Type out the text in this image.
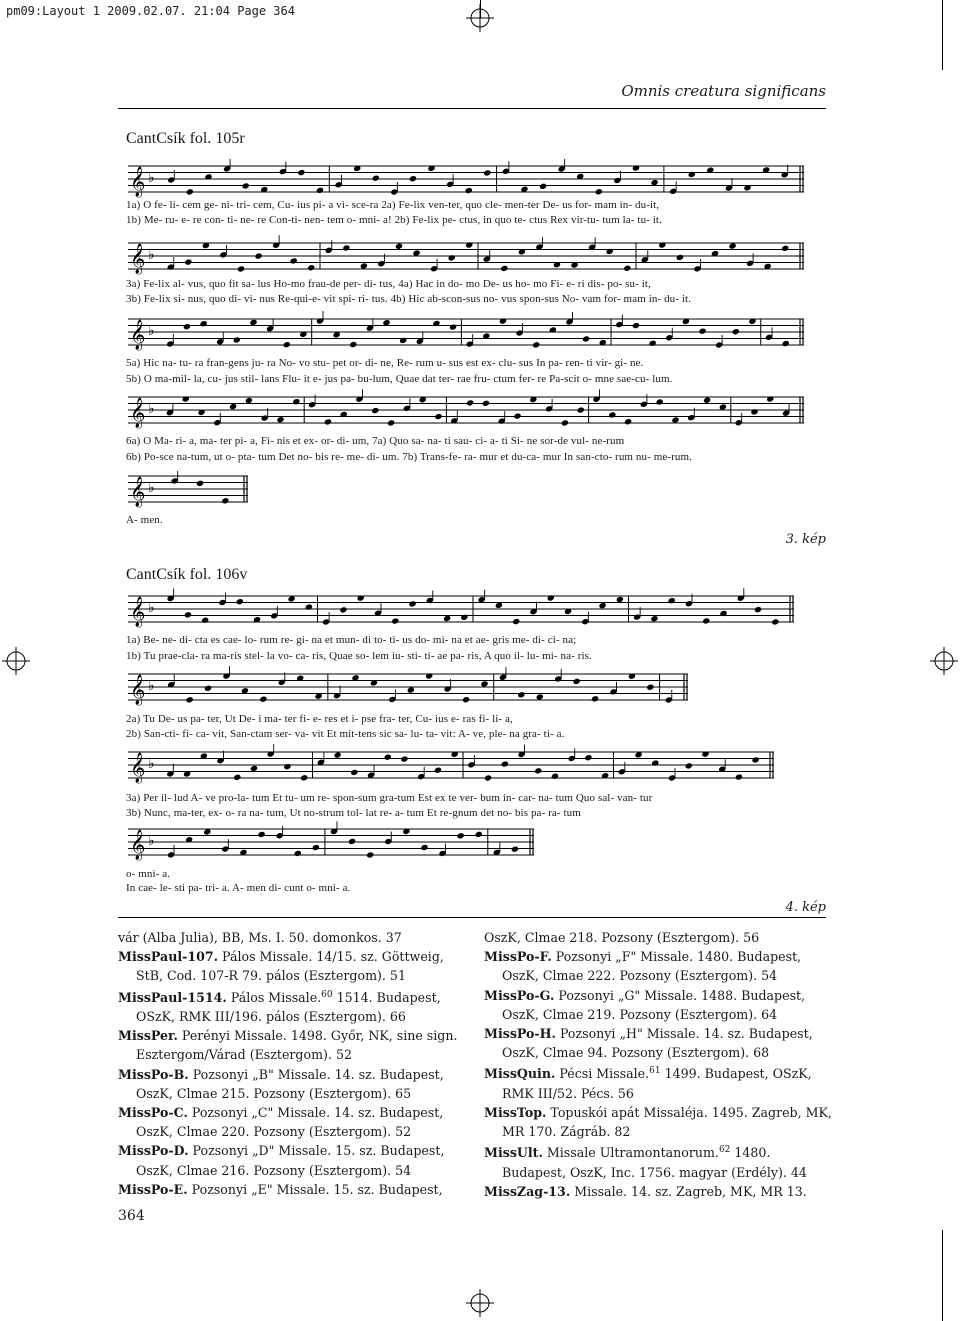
pm09:Layout 1 2009.02.07. 21:04 Page 364
Omnis creatura significans
CantCsík fol. 105r
𝄞 ♭
1a) O fe- li- cem ge- ni- tri- cem, Cu- ius pi- a vi- sce-ra 2a) Fe-lix ven-ter, quo cle- men-ter De- us for- mam in- du-it,
1b) Me- ru- e- re con- ti- ne- re Con-ti- nen- tem o- mni- a! 2b) Fe-lix pe- ctus, in quo te- ctus Rex vir-tu- tum la- tu- it.
𝄞 ♭
3a) Fe-lix al- vus, quo fit sa- lus Ho-mo frau-de per- di- tus, 4a) Hac in do- mo De- us ho- mo Fi- e- ri dis- po- su- it,
3b) Fe-lix si- nus, quo di- vi- nus Re-qui-e- vit spi- ri- tus. 4b) Hic ab-scon-sus no- vus spon-sus No- vam for- mam in- du- it.
𝄞 ♭
5a) Hic na- tu- ra fran-gens ju- ra No- vo stu- pet or- di- ne, Re- rum u- sus est ex- clu- sus In pa- ren- ti vir- gi- ne.
5b) O ma-mil- la, cu- jus stil- lans Flu- it e- jus pa- bu-lum, Quae dat ter- rae fru- ctum fer- re Pa-scit o- mne sae-cu- lum.
𝄞 ♭
6a) O Ma- ri- a, ma- ter pi- a, Fi- nis et ex- or- di- um, 7a) Quo sa- na- ti sau- ci- a- ti Si- ne sor-de vul- ne-rum
6b) Po-sce na-tum, ut o- pta- tum Det no- bis re- me- di- um. 7b) Trans-fe- ra- mur et du-ca- mur In san-cto- rum nu- me-rum.
𝄞 ♭
A- men.
3. kép
CantCsík fol. 106v
𝄞 ♭
1a) Be- ne- di- cta es cae- lo- rum re- gi- na et mun- di to- ti- us do- mi- na et ae- gris me- di- ci- na;
1b) Tu prae-cla- ra ma-ris stel- la vo- ca- ris, Quae so- lem iu- sti- ti- ae pa- ris, A quo il- lu- mi- na- ris.
𝄞 ♭
2a) Tu De- us pa- ter, Ut De- i ma- ter fi- e- res et i- pse fra- ter, Cu- ius e- ras fi- li- a,
2b) San-cti- fi- ca- vit, San-ctam ser- va- vit Et mit-tens sic sa- lu- ta- vit: A- ve, ple- na gra- ti- a.
𝄞 ♭
3a) Per il- lud A- ve pro-la- tum Et tu- um re- spon-sum gra-tum Est ex te ver- bum in- car- na- tum Quo sal- van- tur
3b) Nunc, ma-ter, ex- o- ra na- tum, Ut no-strum tol- lat re- a- tum Et re-gnum det no- bis pa- ra- tum
𝄞 ♭
o- mni- a.
In cae- le- sti pa- tri- a. A- men di- cunt o- mni- a.
4. kép

vár (Alba Julia), BB, Ms. I. 50. domonkos. 37

MissPaul-107. Pálos Missale. 14/15. sz. Göttweig, StB, Cod. 107-R 79. pálos (Esztergom). 51

MissPaul-1514. Pálos Missale.$^{60}$ 1514. Budapest, OSzK, RMK III/196. pálos (Esztergom). 66

MissPer. Perényi Missale. 1498. Győr, NK, sine sign. Esztergom/Várad (Esztergom). 52

MissPo-B. Pozsonyi „B" Missale. 14. sz. Budapest, OszK, Clmae 215. Pozsony (Esztergom). 65

MissPo-C. Pozsonyi „C" Missale. 14. sz. Budapest, OszK, Clmae 220. Pozsony (Esztergom). 52

MissPo-D. Pozsonyi „D" Missale. 15. sz. Budapest, OszK, Clmae 216. Pozsony (Esztergom). 54

MissPo-E. Pozsonyi „E" Missale. 15. sz. Budapest,

OszK, Clmae 218. Pozsony (Esztergom). 56

MissPo-F. Pozsonyi „F" Missale. 1480. Budapest, OszK, Clmae 222. Pozsony (Esztergom). 54

MissPo-G. Pozsonyi „G" Missale. 1488. Budapest, OszK, Clmae 219. Pozsony (Esztergom). 64

MissPo-H. Pozsonyi „H" Missale. 14. sz. Budapest, OszK, Clmae 94. Pozsony (Esztergom). 68

MissQuin. Pécsi Missale.$^{61}$ 1499. Budapest, OSzK, RMK III/52. Pécs. 56

MissTop. Topuskói apát Missaléja. 1495. Zagreb, MK, MR 170. Zágráb. 82

MissUlt. Missale Ultramontanorum.$^{62}$ 1480. Budapest, OszK, Inc. 1756. magyar (Erdély). 44

MissZag-13. Missale. 14. sz. Zagreb, MK, MR 13.

364
